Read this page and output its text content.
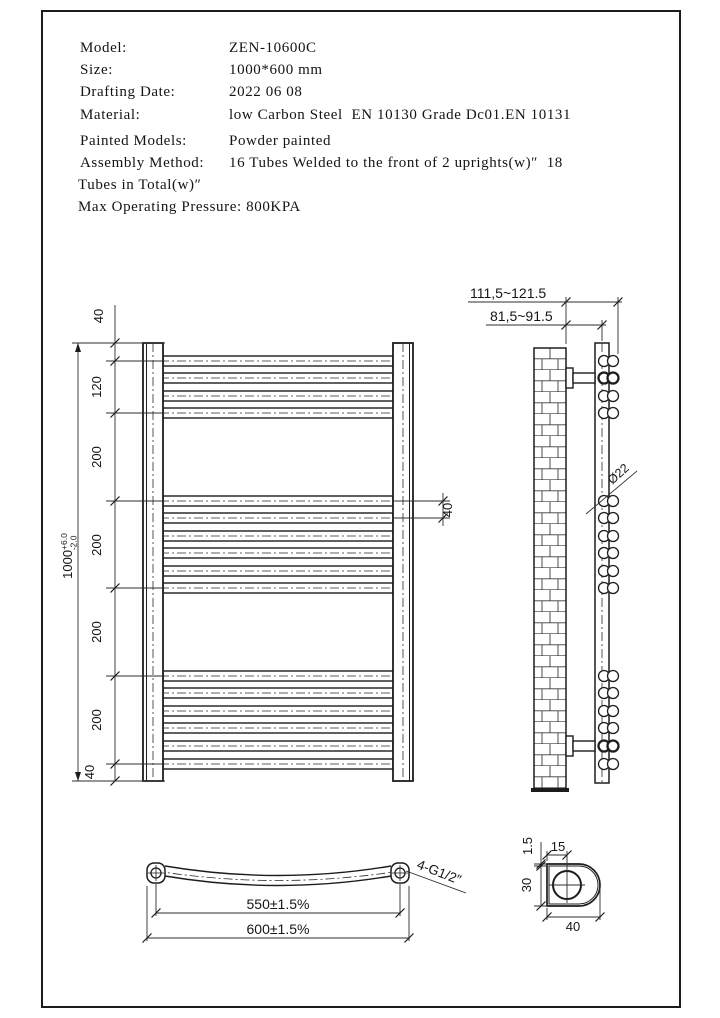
Model:	ZEN-10600C
Size:	1000*600 mm
Drafting Date:	2022 06 08
Material:	low Carbon Steel  EN 10130 Grade Dc01.EN 10131
Painted Models:	Powder painted
Assembly Method: 16 Tubes Welded to the front of 2 uprights(w)″  18
Tubes in Total(w)″
Max Operating Pressure: 800KPA
40
120
200
200
200
200
40
40
$1000^{+6.0}-2.0$
111,5~121.5
81,5~91.5
Ø22
550±1.5%
600±1.5%
4-G1/2″
15
1.5
30
40
